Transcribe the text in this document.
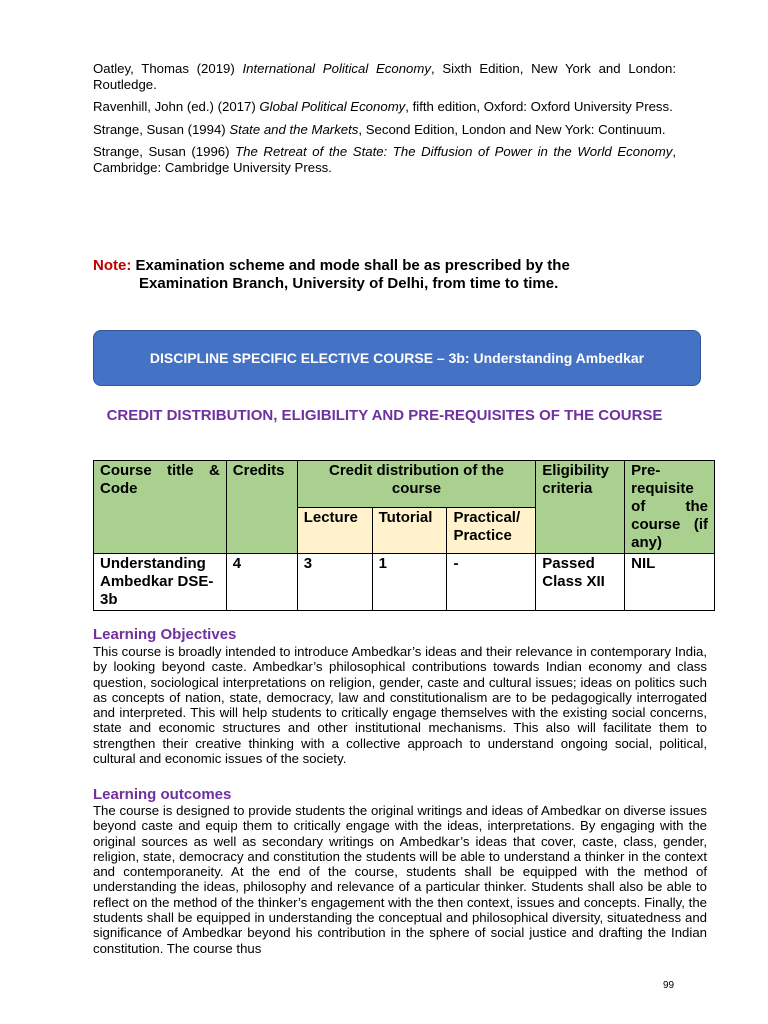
Oatley, Thomas (2019) International Political Economy, Sixth Edition, New York and London: Routledge.

Ravenhill, John (ed.) (2017) Global Political Economy, fifth edition, Oxford: Oxford University Press.

Strange, Susan (1994) State and the Markets, Second Edition, London and New York: Continuum.

Strange, Susan (1996) The Retreat of the State: The Diffusion of Power in the World Economy, Cambridge: Cambridge University Press.

Note: Examination scheme and mode shall be as prescribed by the
Examination Branch, University of Delhi, from time to time.
DISCIPLINE SPECIFIC ELECTIVE COURSE – 3b: Understanding Ambedkar
CREDIT DISTRIBUTION, ELIGIBILITY AND PRE-REQUISITES OF THE COURSE
Course title & Code	Credits	Credit distribution of the course			Eligibility criteria	Pre-requisite of the course (if any)
		Lecture	Tutorial	Practical/ Practice		
Understanding Ambedkar DSE-3b	4	3	1	-	Passed Class XII	NIL
Learning Objectives
This course is broadly intended to introduce Ambedkar’s ideas and their relevance in contemporary India, by looking beyond caste. Ambedkar’s philosophical contributions towards Indian economy and class question, sociological interpretations on religion, gender, caste and cultural issues; ideas on politics such as concepts of nation, state, democracy, law and constitutionalism are to be pedagogically interrogated and interpreted. This will help students to critically engage themselves with the existing social concerns, state and economic structures and other institutional mechanisms. This also will facilitate them to strengthen their creative thinking with a collective approach to understand ongoing social, political, cultural and economic issues of the society.
Learning outcomes
The course is designed to provide students the original writings and ideas of Ambedkar on diverse issues beyond caste and equip them to critically engage with the ideas, interpretations. By engaging with the original sources as well as secondary writings on Ambedkar’s ideas that cover, caste, class, gender, religion, state, democracy and constitution the students will be able to understand a thinker in the context and contemporaneity. At the end of the course, students shall be equipped with the method of understanding the ideas, philosophy and relevance of a particular thinker. Students shall also be able to reflect on the method of the thinker’s engagement with the then context, issues and concepts. Finally, the students shall be equipped in understanding the conceptual and philosophical diversity, situatedness and significance of Ambedkar beyond his contribution in the sphere of social justice and drafting the Indian constitution. The course thus
99
